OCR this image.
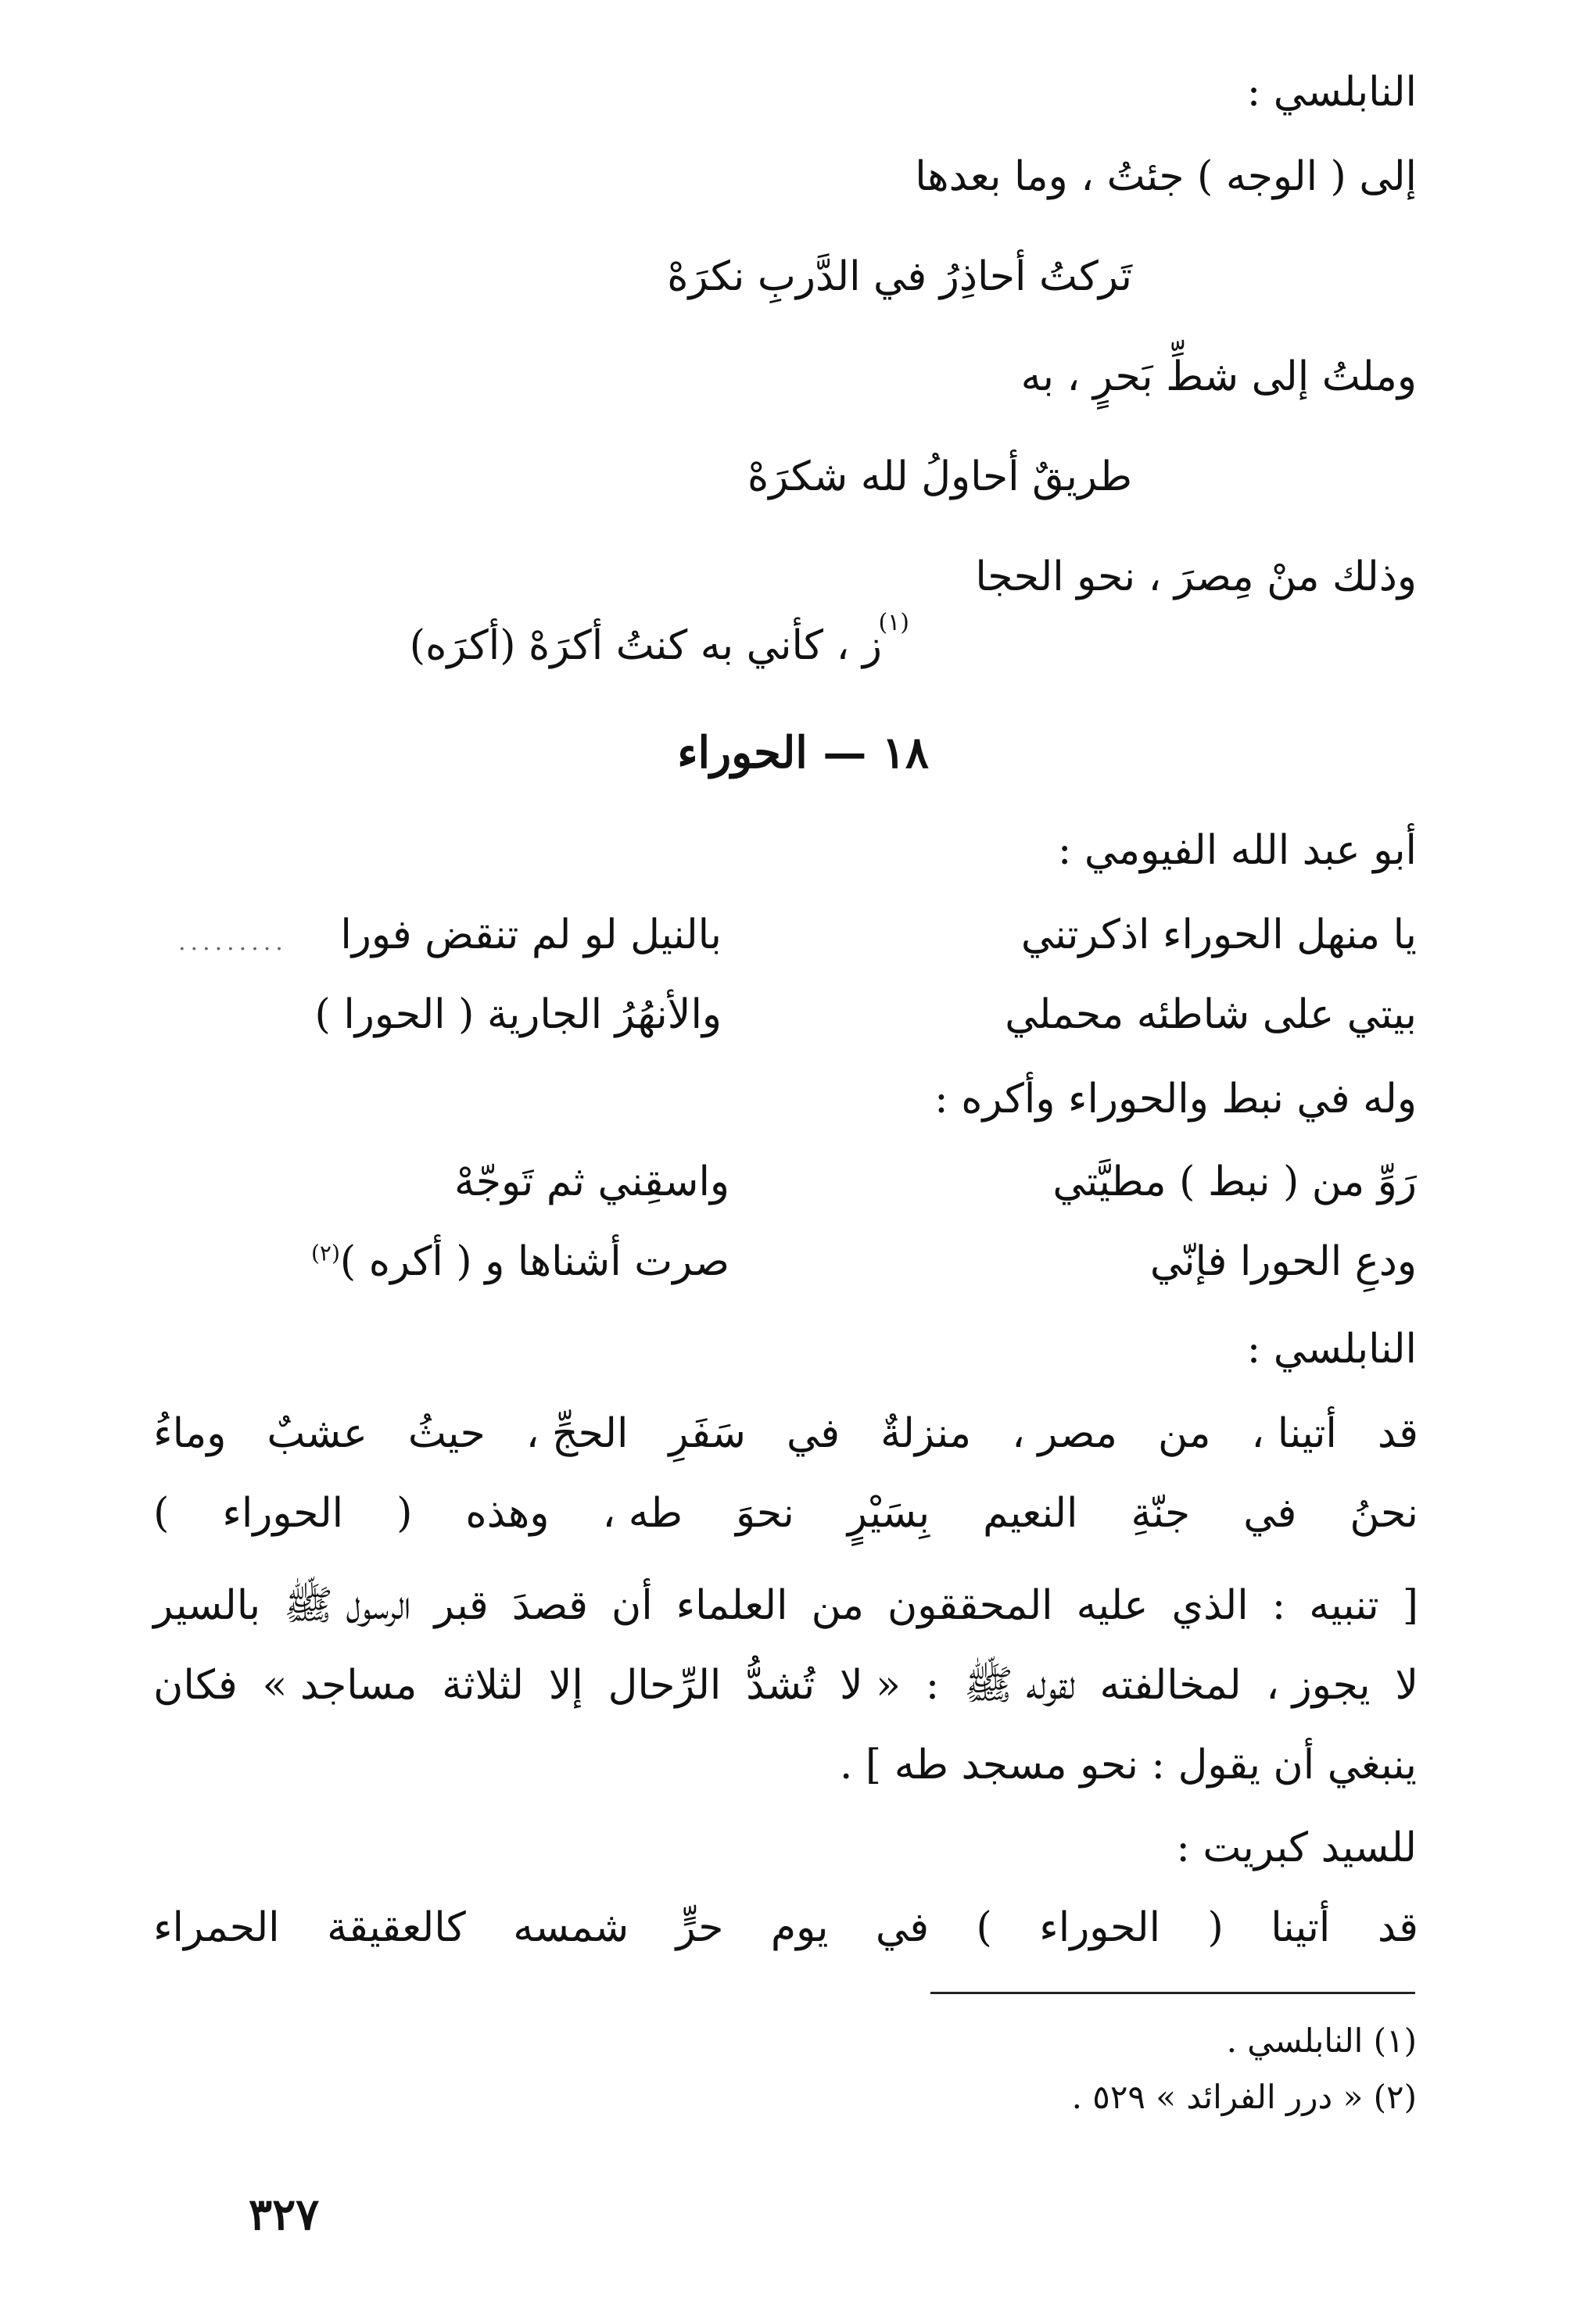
النابلسي :
إلى ( الوجه ) جئتُ ، وما بعدها
تَركتُ أحاذِرُ في الدَّربِ نكرَهْ
وملتُ إلى شطِّ بَحرٍ ، به
طريقٌ أحاولُ لله شكرَهْ
وذلك منْ مِصرَ ، نحو الحجا
(١)
ز ، كأني به كنتُ أكرَهْ (أكرَه)
١٨ — الحوراء
أبو عبد الله الفيومي :
يا منهل الحوراء اذكرتني
بالنيل لو لم تنقض فورا
.........
بيتي على شاطئه محملي
والأنهُرُ الجارية ( الحورا )
وله في نبط والحوراء وأكره :
رَوِّ من ( نبط ) مطيَّتي
واسقِني ثم تَوجّهْ
ودعِ الحورا فإنّي
صرت أشناها و ( أكره )$^{(٢)}$
النابلسي :
قد
أتينا ،
من
مصر ،
منزلةٌ
في
سَفَرِ
الحجِّ ،
حيثُ
عشبٌ
وماءُ
نحنُ
في
جنّةِ
النعيم
بِسَيْرٍ
نحوَ
طه ،
وهذه
(
الحوراء
)
[
تنبيه
:
الذي
عليه
المحققون
من
العلماء
أن
قصدَ
قبر
الرسول ﷺ
بالسير
لا
يجوز ،
لمخالفته
لقوله ﷺ
:
« لا
تُشدُّ
الرِّحال
إلا
لثلاثة
مساجد »
فكان
ينبغي أن يقول : نحو مسجد طه ] .
للسيد كبريت :
قد
أتينا
(
الحوراء
)
في
يوم
حرٍّ
شمسه
كالعقيقة
الحمراء
(١) النابلسي .
(٢) « درر الفرائد » ٥٢٩ .
٣٢٧
